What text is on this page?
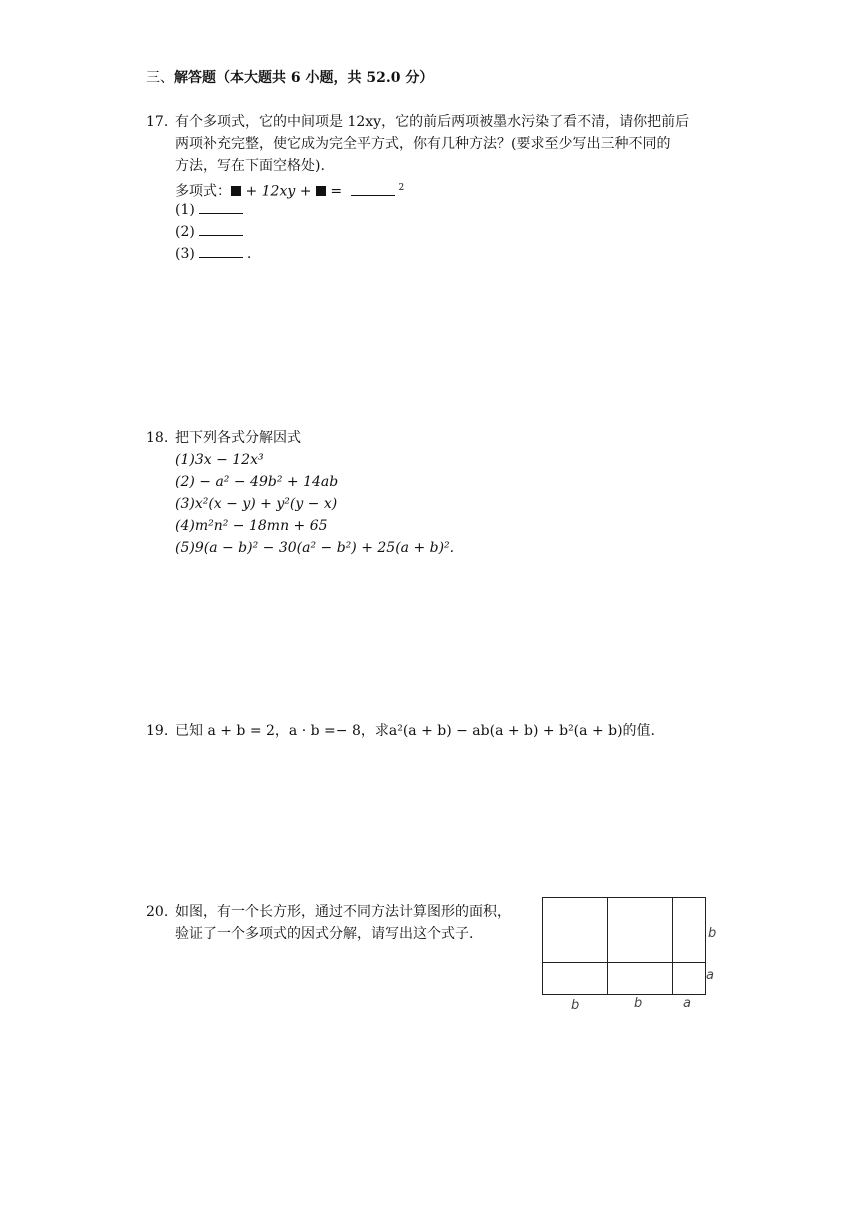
三、解答题（本大题共 6 小题，共 52.0 分）
17. 有个多项式，它的中间项是 12xy，它的前后两项被墨水污染了看不清，请你把前后
两项补充完整，使它成为完全平方式，你有几种方法？(要求至少写出三种不同的
方法，写在下面空格处).
多项式： + 12xy +  =	$^2$
(1)
(2)
(3)	.
18. 把下列各式分解因式
(1)3x − 12x³
(2) − a² − 49b² + 14ab
(3)x²(x − y) + y²(y − x)
(4)m²n² − 18mn + 65
(5)9(a − b)² − 30(a² − b²) + 25(a + b)².
19. 已知 a + b = 2，a · b =− 8，求a²(a + b) − ab(a + b) + b²(a + b)的值.
20. 如图，有一个长方形，通过不同方法计算图形的面积，
验证了一个多项式的因式分解，请写出这个式子.	b
a
b	b	a
